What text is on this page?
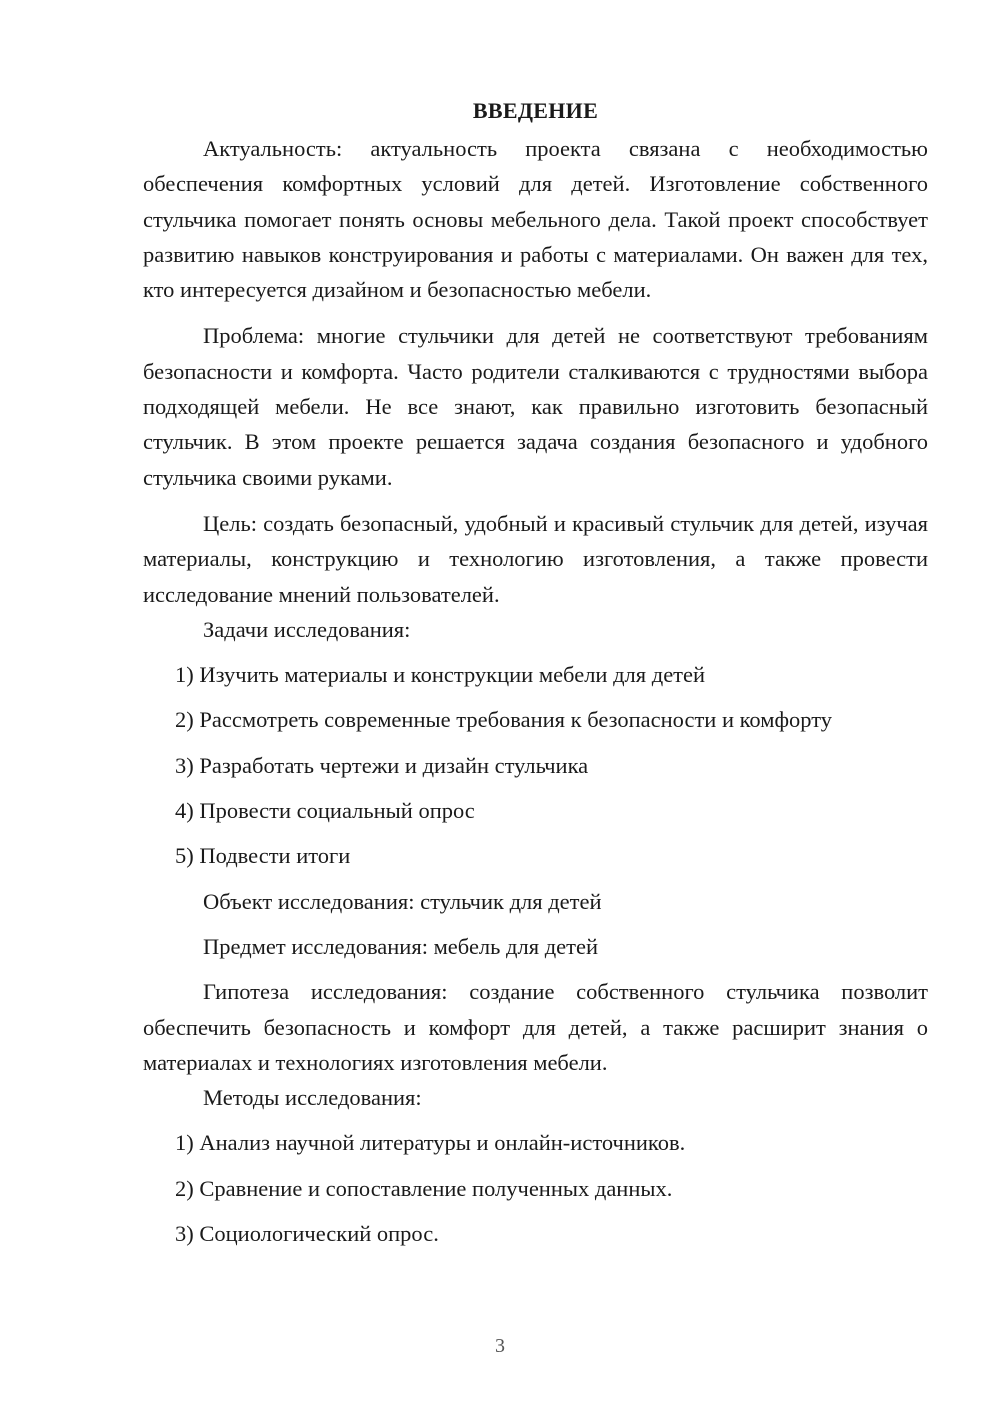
ВВЕДЕНИЕ

Актуальность: актуальность проекта связана с необходимостью обеспечения комфортных условий для детей. Изготовление собственного стульчика помогает понять основы мебельного дела. Такой проект способствует развитию навыков конструирования и работы с материалами. Он важен для тех, кто интересуется дизайном и безопасностью мебели.

Проблема: многие стульчики для детей не соответствуют требованиям безопасности и комфорта. Часто родители сталкиваются с трудностями выбора подходящей мебели. Не все знают, как правильно изготовить безопасный стульчик. В этом проекте решается задача создания безопасного и удобного стульчика своими руками.

Цель: создать безопасный, удобный и красивый стульчик для детей, изучая материалы, конструкцию и технологию изготовления, а также провести исследование мнений пользователей.

Задачи исследования:

1) Изучить материалы и конструкции мебели для детей

2) Рассмотреть современные требования к безопасности и комфорту

3) Разработать чертежи и дизайн стульчика

4) Провести социальный опрос

5) Подвести итоги

Объект исследования: стульчик для детей

Предмет исследования: мебель для детей

Гипотеза исследования: создание собственного стульчика позволит обеспечить безопасность и комфорт для детей, а также расширит знания о материалах и технологиях изготовления мебели.

Методы исследования:

1) Анализ научной литературы и онлайн-источников.

2) Сравнение и сопоставление полученных данных.

3) Социологический опрос.

3
